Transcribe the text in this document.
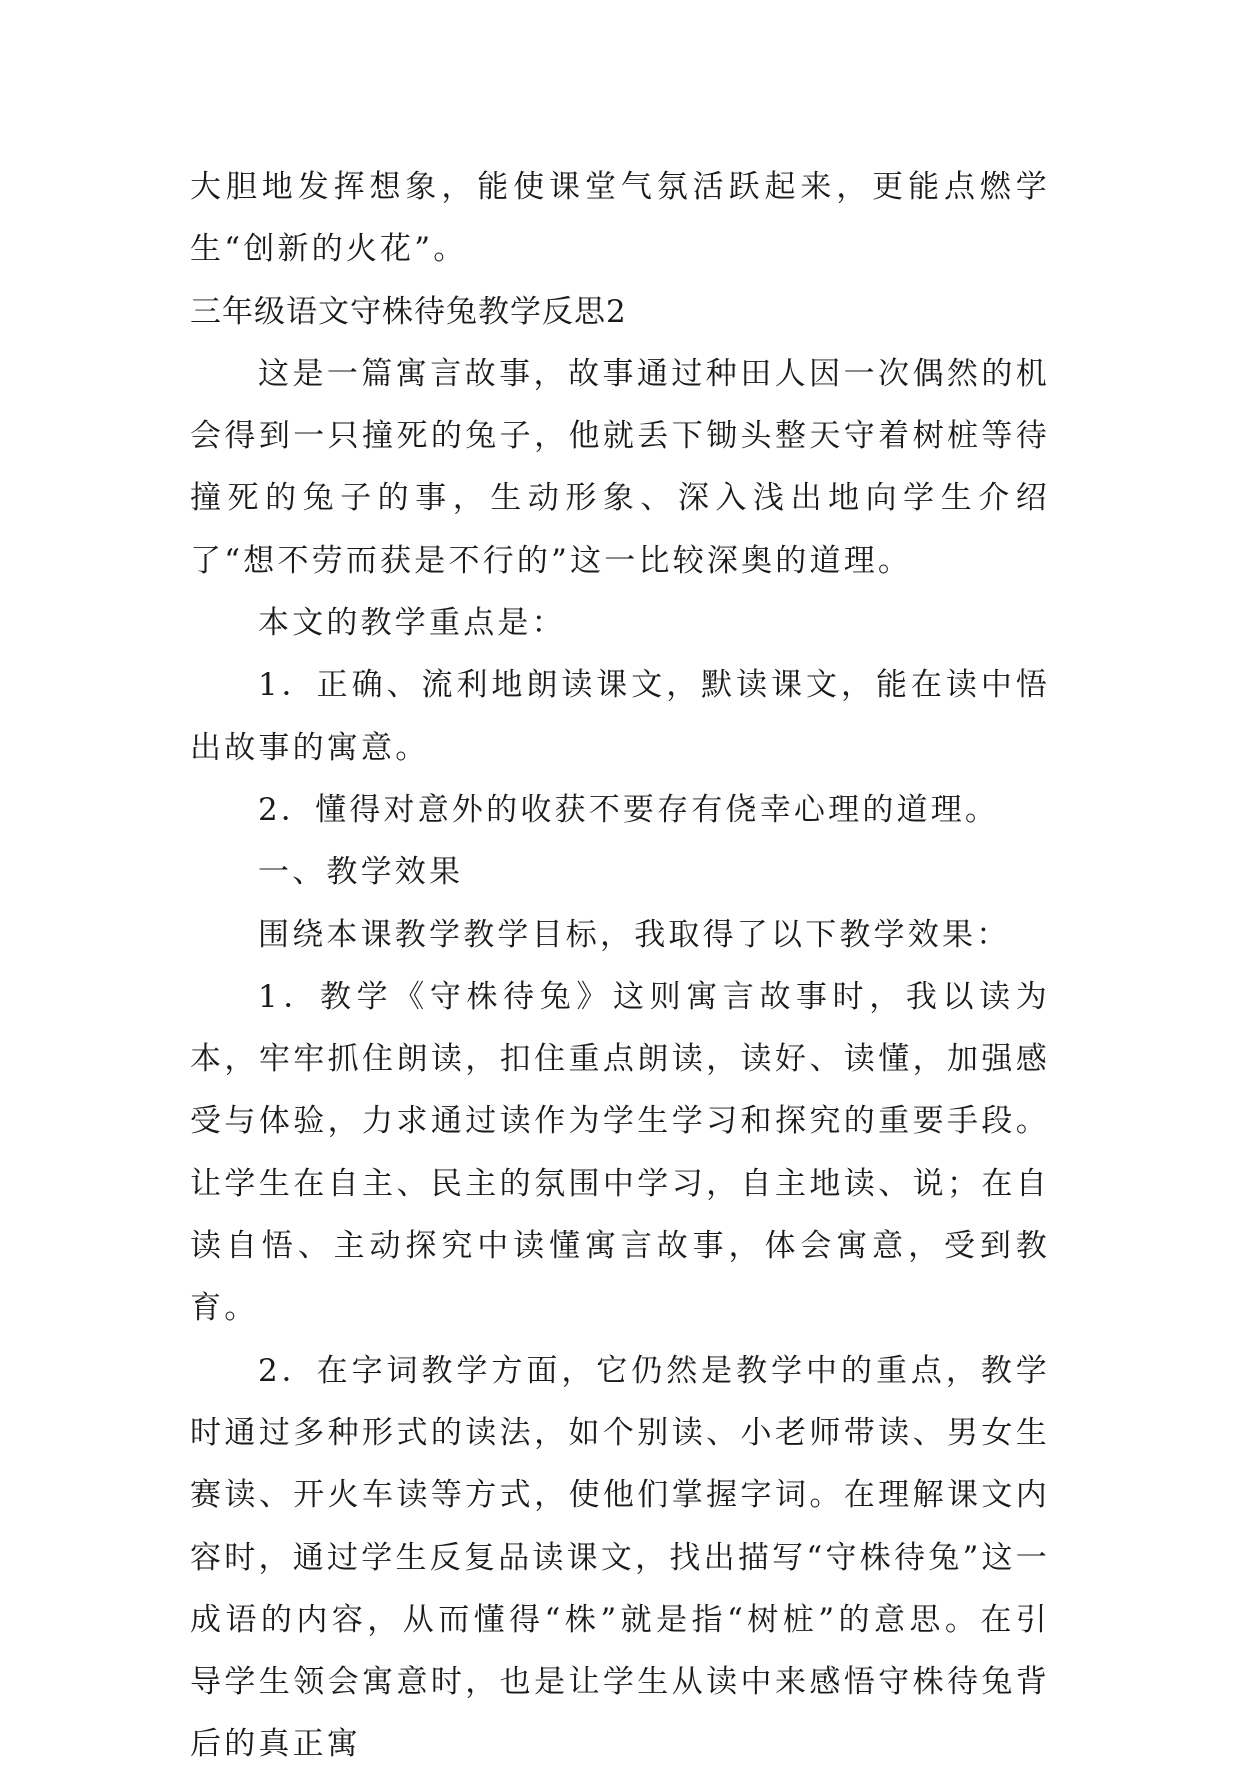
大胆地发挥想象，能使课堂气氛活跃起来，更能点燃学生“创新的火花”。

三年级语文守株待兔教学反思2

这是一篇寓言故事，故事通过种田人因一次偶然的机会得到一只撞死的兔子，他就丢下锄头整天守着树桩等待撞死的兔子的事，生动形象、深入浅出地向学生介绍了“想不劳而获是不行的”这一比较深奥的道理。

本文的教学重点是：

1．正确、流利地朗读课文，默读课文，能在读中悟出故事的寓意。

2．懂得对意外的收获不要存有侥幸心理的道理。

一、教学效果

围绕本课教学教学目标，我取得了以下教学效果：

1．教学《守株待兔》这则寓言故事时，我以读为本，牢牢抓住朗读，扣住重点朗读，读好、读懂，加强感受与体验，力求通过读作为学生学习和探究的重要手段。让学生在自主、民主的氛围中学习，自主地读、说；在自读自悟、主动探究中读懂寓言故事，体会寓意，受到教育。

2．在字词教学方面，它仍然是教学中的重点，教学时通过多种形式的读法，如个别读、小老师带读、男女生赛读、开火车读等方式，使他们掌握字词。在理解课文内容时，通过学生反复品读课文，找出描写“守株待兔”这一成语的内容，从而懂得“株”就是指“树桩”的意思。在引导学生领会寓意时，也是让学生从读中来感悟守株待兔背后的真正寓
